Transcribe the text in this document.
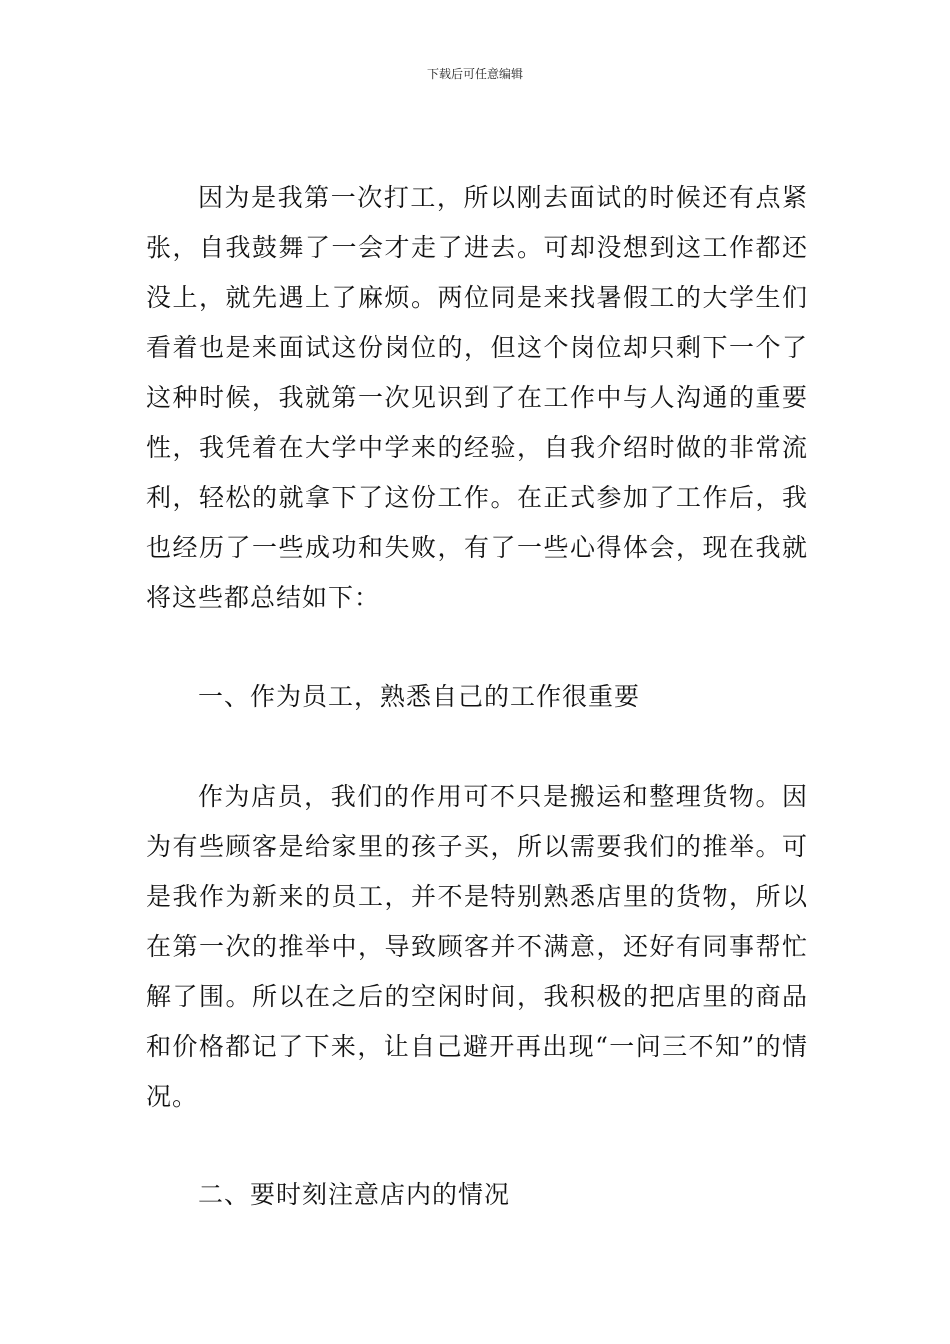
下载后可任意编辑

因为是我第一次打工，所以刚去面试的时候还有点紧张，自我鼓舞了一会才走了进去。可却没想到这工作都还没上，就先遇上了麻烦。两位同是来找暑假工的大学生们看着也是来面试这份岗位的，但这个岗位却只剩下一个了这种时候，我就第一次见识到了在工作中与人沟通的重要性，我凭着在大学中学来的经验，自我介绍时做的非常流利，轻松的就拿下了这份工作。在正式参加了工作后，我也经历了一些成功和失败，有了一些心得体会，现在我就将这些都总结如下：

一、作为员工，熟悉自己的工作很重要

作为店员，我们的作用可不只是搬运和整理货物。因为有些顾客是给家里的孩子买，所以需要我们的推举。可是我作为新来的员工，并不是特别熟悉店里的货物，所以在第一次的推举中，导致顾客并不满意，还好有同事帮忙解了围。所以在之后的空闲时间，我积极的把店里的商品和价格都记了下来，让自己避开再出现“一问三不知”的情况。

二、要时刻注意店内的情况
